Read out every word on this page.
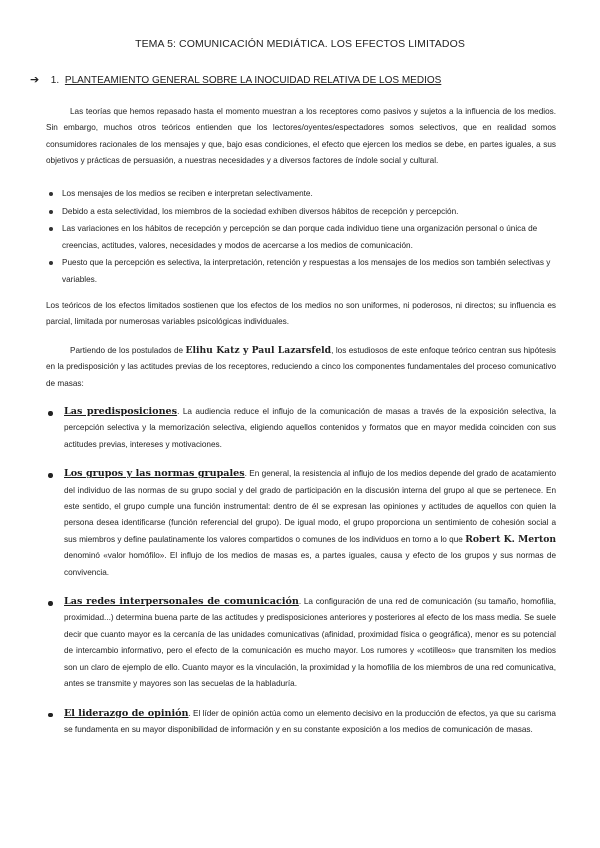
TEMA 5: COMUNICACIÓN MEDIÁTICA. LOS EFECTOS LIMITADOS
➔ 1. PLANTEAMIENTO GENERAL SOBRE LA INOCUIDAD RELATIVA DE LOS MEDIOS

Las teorías que hemos repasado hasta el momento muestran a los receptores como pasivos y sujetos a la influencia de los medios. Sin embargo, muchos otros teóricos entienden que los lectores/oyentes/espectadores somos selectivos, que en realidad somos consumidores racionales de los mensajes y que, bajo esas condiciones, el efecto que ejercen los medios se debe, en partes iguales, a sus objetivos y prácticas de persuasión, a nuestras necesidades y a diversos factores de índole social y cultural.

Los mensajes de los medios se reciben e interpretan selectivamente.
Debido a esta selectividad, los miembros de la sociedad exhiben diversos hábitos de recepción y percepción.
Las variaciones en los hábitos de recepción y percepción se dan porque cada individuo tiene una organización personal o única de creencias, actitudes, valores, necesidades y modos de acercarse a los medios de comunicación.
Puesto que la percepción es selectiva, la interpretación, retención y respuestas a los mensajes de los medios son también selectivas y variables.

Los teóricos de los efectos limitados sostienen que los efectos de los medios no son uniformes, ni poderosos, ni directos; su influencia es parcial, limitada por numerosas variables psicológicas individuales.

Partiendo de los postulados de Elihu Katz y Paul Lazarsfeld, los estudiosos de este enfoque teórico centran sus hipótesis en la predisposición y las actitudes previas de los receptores, reduciendo a cinco los componentes fundamentales del proceso comunicativo de masas:

Las predisposiciones. La audiencia reduce el influjo de la comunicación de masas a través de la exposición selectiva, la percepción selectiva y la memorización selectiva, eligiendo aquellos contenidos y formatos que en mayor medida coinciden con sus actitudes previas, intereses y motivaciones.
Los grupos y las normas grupales. En general, la resistencia al influjo de los medios depende del grado de acatamiento del individuo de las normas de su grupo social y del grado de participación en la discusión interna del grupo al que se pertenece. En este sentido, el grupo cumple una función instrumental: dentro de él se expresan las opiniones y actitudes de aquellos con quien la persona desea identificarse (función referencial del grupo). De igual modo, el grupo proporciona un sentimiento de cohesión social a sus miembros y define paulatinamente los valores compartidos o comunes de los individuos en torno a lo que Robert K. Merton denominó «valor homófilo». El influjo de los medios de masas es, a partes iguales, causa y efecto de los grupos y sus normas de convivencia.
Las redes interpersonales de comunicación. La configuración de una red de comunicación (su tamaño, homofilia, proximidad...) determina buena parte de las actitudes y predisposiciones anteriores y posteriores al efecto de los mass media. Se suele decir que cuanto mayor es la cercanía de las unidades comunicativas (afinidad, proximidad física o geográfica), menor es su potencial de intercambio informativo, pero el efecto de la comunicación es mucho mayor. Los rumores y «cotilleos» que transmiten los medios son un claro de ejemplo de ello. Cuanto mayor es la vinculación, la proximidad y la homofilia de los miembros de una red comunicativa, antes se transmite y mayores son las secuelas de la habladuría.
El liderazgo de opinión. El líder de opinión actúa como un elemento decisivo en la producción de efectos, ya que su carisma se fundamenta en su mayor disponibilidad de información y en su constante exposición a los medios de comunicación de masas.
